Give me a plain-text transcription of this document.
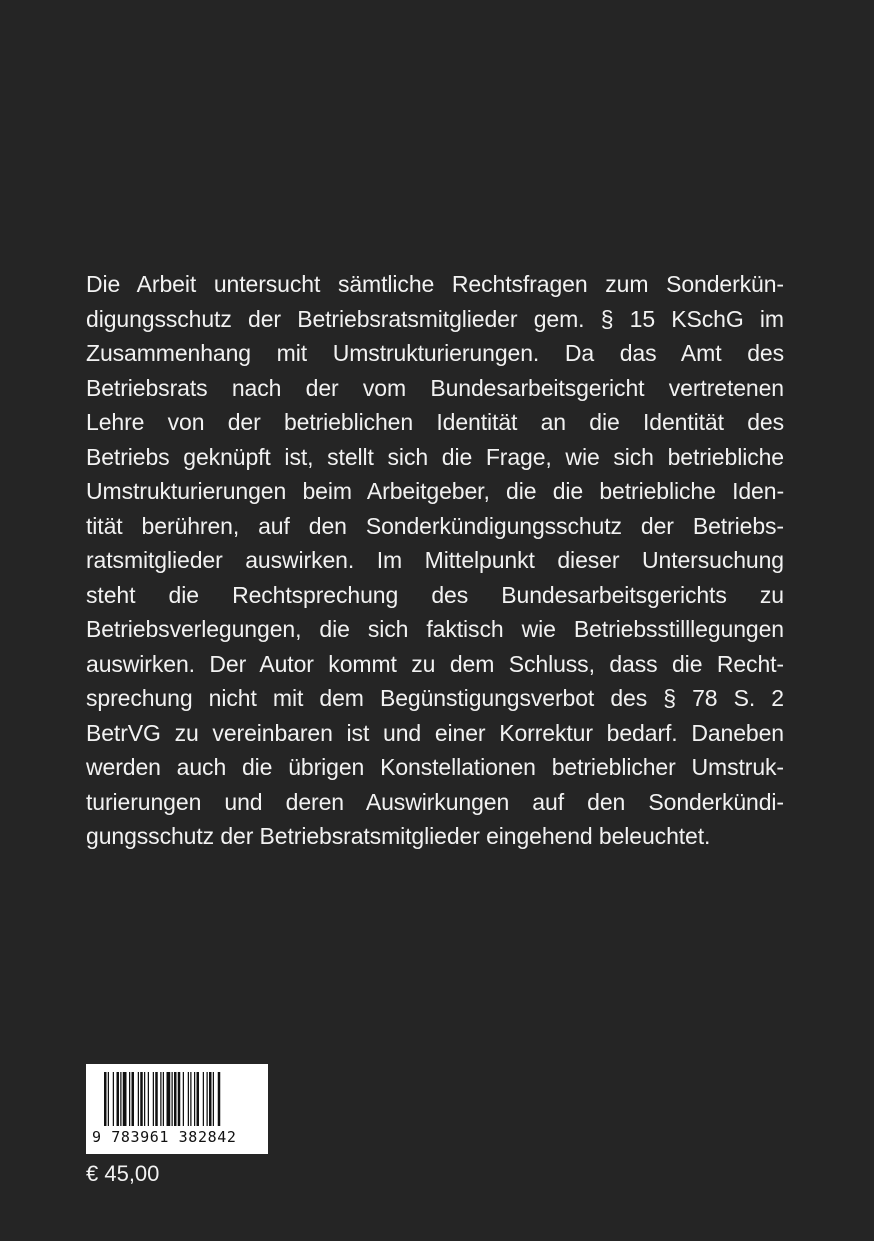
Die Arbeit untersucht sämtliche Rechtsfragen zum Sonderkün-
digungsschutz der Betriebsratsmitglieder gem. § 15 KSchG im
Zusammenhang mit Umstrukturierungen. Da das Amt des
Betriebsrats nach der vom Bundesarbeitsgericht vertretenen
Lehre von der betrieblichen Identität an die Identität des
Betriebs geknüpft ist, stellt sich die Frage, wie sich betriebliche
Umstrukturierungen beim Arbeitgeber, die die betriebliche Iden-
tität berühren, auf den Sonderkündigungsschutz der Betriebs-
ratsmitglieder auswirken. Im Mittelpunkt dieser Untersuchung
steht die Rechtsprechung des Bundesarbeitsgerichts zu
Betriebsverlegungen, die sich faktisch wie Betriebsstilllegungen
auswirken. Der Autor kommt zu dem Schluss, dass die Recht-
sprechung nicht mit dem Begünstigungsverbot des § 78 S. 2
BetrVG zu vereinbaren ist und einer Korrektur bedarf. Daneben
werden auch die übrigen Konstellationen betrieblicher Umstruk-
turierungen und deren Auswirkungen auf den Sonderkündi-
gungsschutz der Betriebsratsmitglieder eingehend beleuchtet.
9 783961 382842
€ 45,00
